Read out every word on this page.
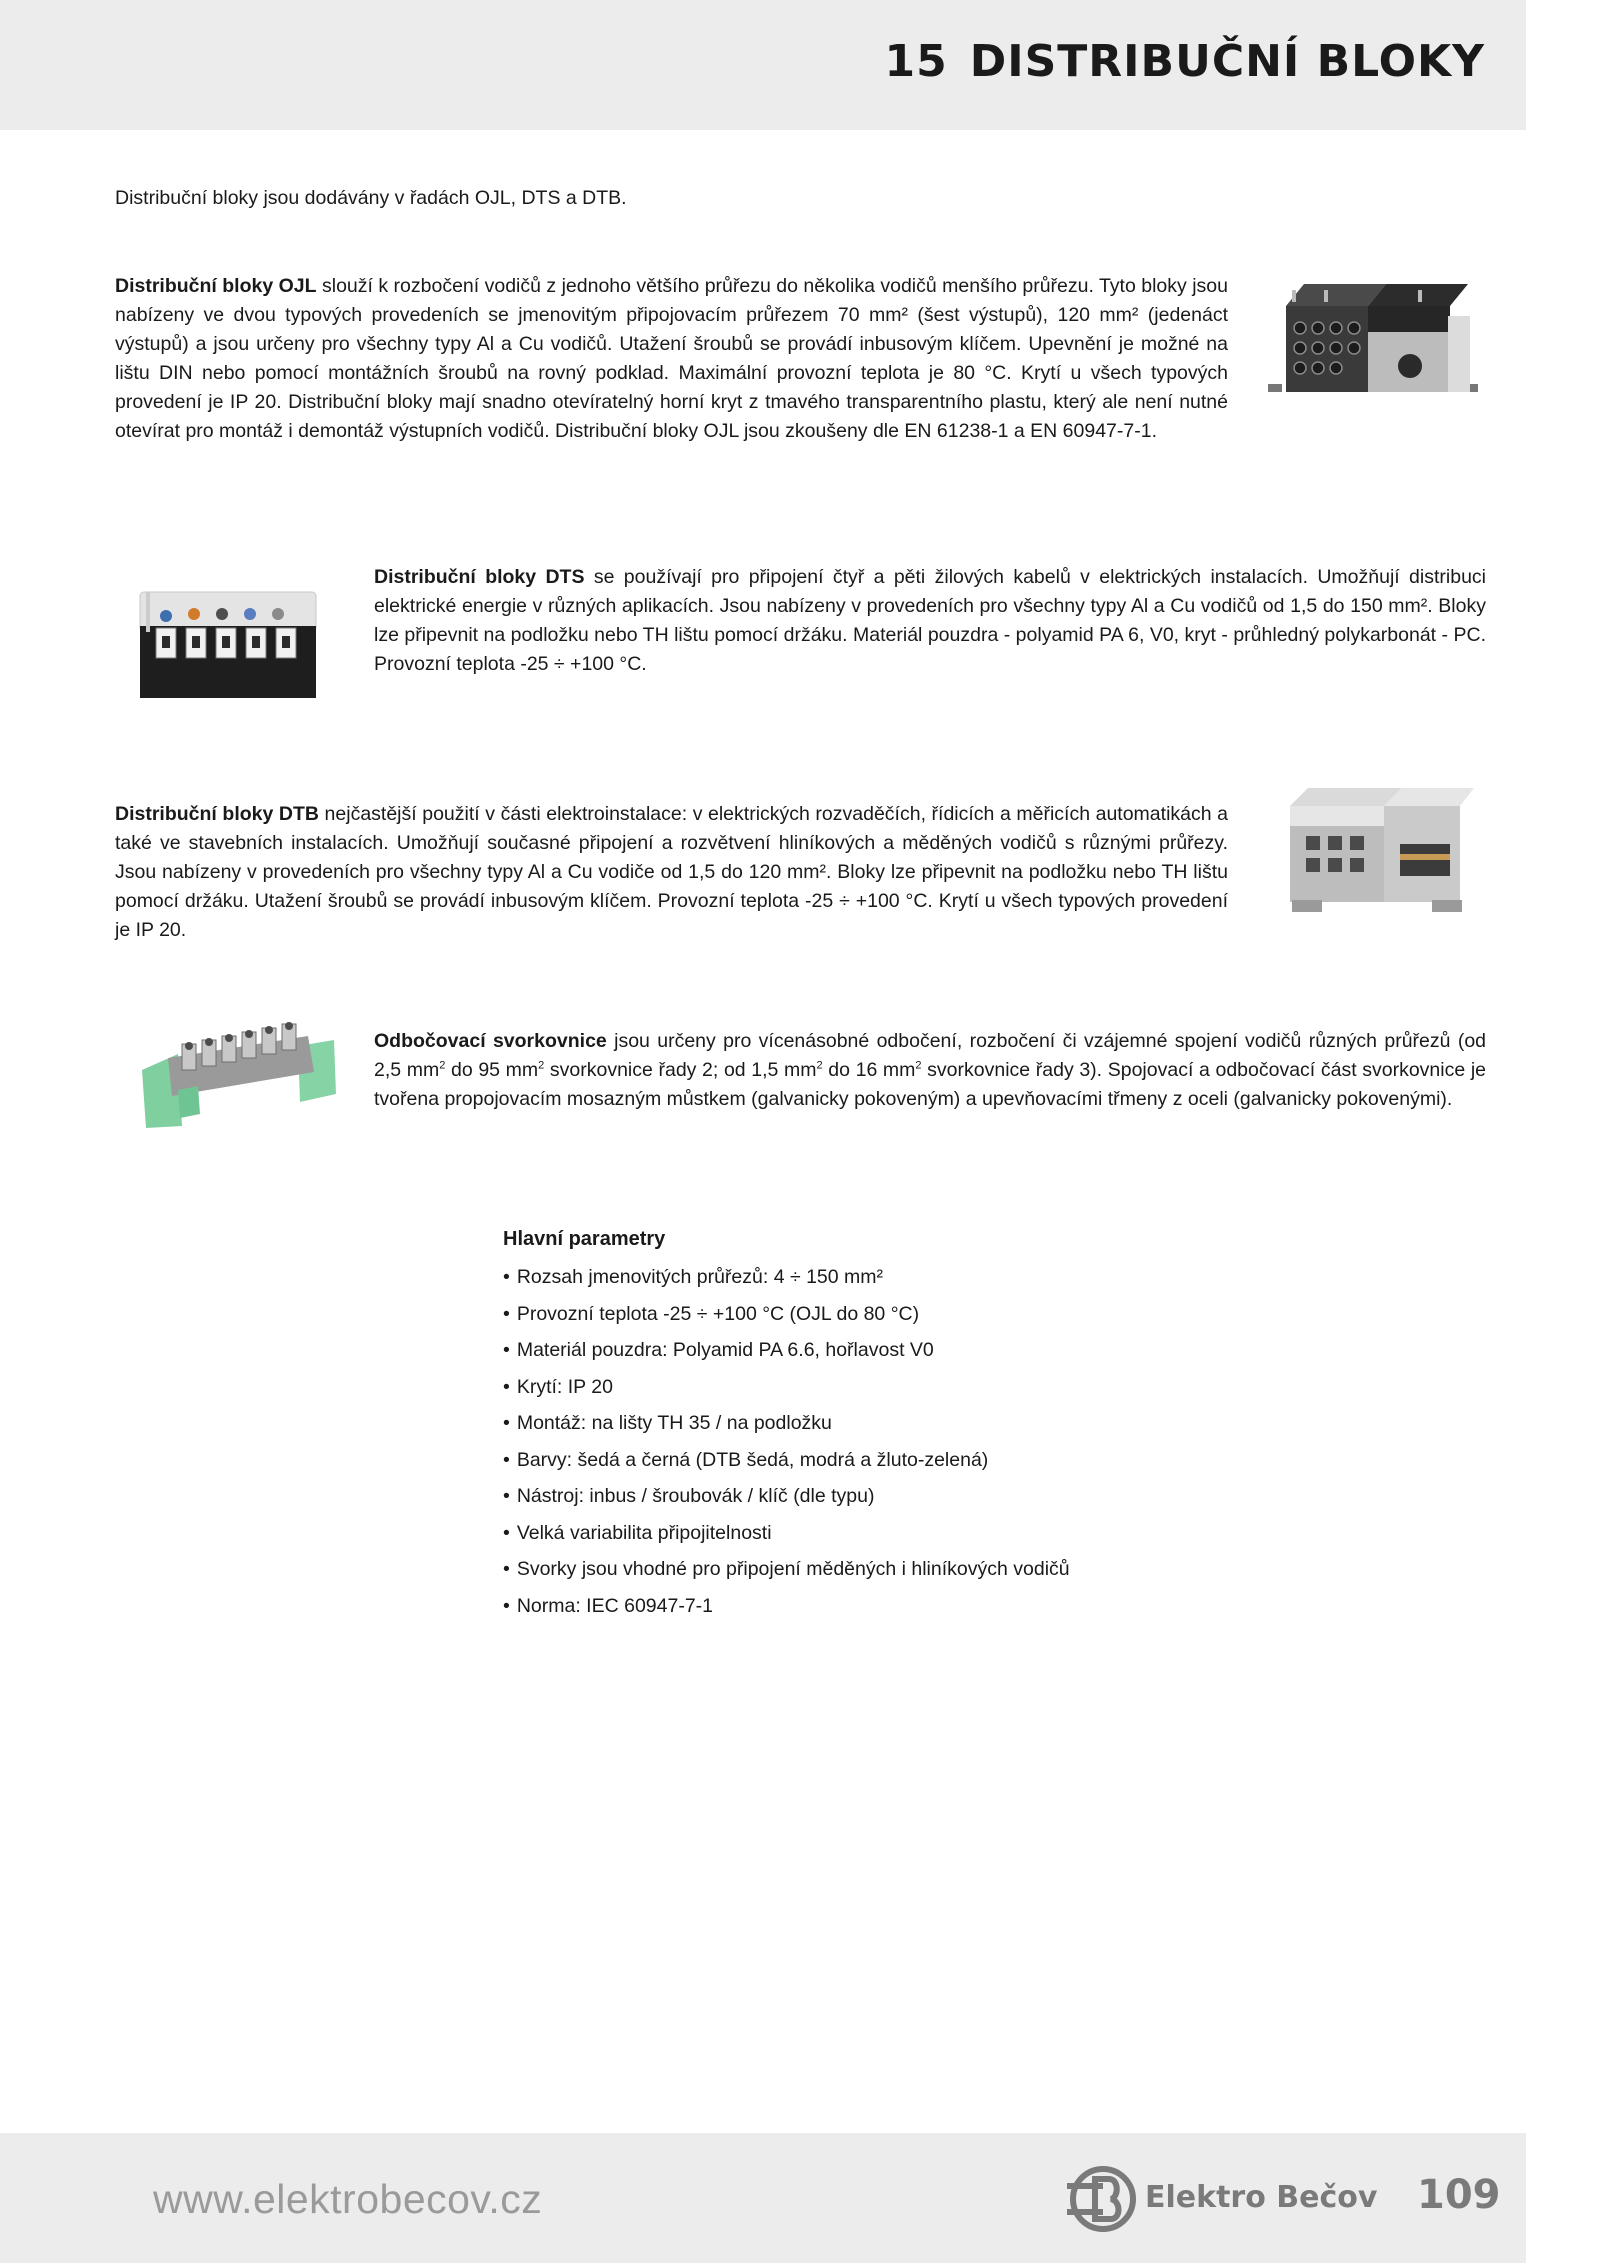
15 DISTRIBUČNÍ BLOKY

Distribuční bloky jsou dodávány v řadách OJL, DTS a DTB.

Distribuční bloky OJL slouží k rozbočení vodičů z jednoho většího průřezu do několika vodičů menšího průřezu. Tyto bloky jsou nabízeny ve dvou typových provedeních se jmenovitým připojovacím průřezem 70 mm² (šest výstupů), 120 mm² (jedenáct výstupů) a jsou určeny pro všechny typy Al a Cu vodičů. Utažení šroubů se provádí inbusovým klíčem. Upevnění je možné na lištu DIN nebo pomocí montážních šroubů na rovný podklad. Maximální provozní teplota je 80 °C. Krytí u všech typových provedení je IP 20. Distribuční bloky mají snadno otevíratelný horní kryt z tmavého transparentního plastu, který ale není nutné otevírat pro montáž i demontáž výstupních vodičů. Distribuční bloky OJL jsou zkoušeny dle EN 61238-1 a EN 60947-7-1.

Distribuční bloky DTS se používají pro připojení čtyř a pěti žilových kabelů v elektrických instalacích. Umožňují distribuci elektrické energie v různých aplikacích. Jsou nabízeny v provedeních pro všechny typy Al a Cu vodičů od 1,5 do 150 mm². Bloky lze připevnit na podložku nebo TH lištu pomocí držáku. Materiál pouzdra - polyamid PA 6, V0, kryt - průhledný polykarbonát - PC. Provozní teplota -25 ÷ +100 °C.

Distribuční bloky DTB nejčastější použití v části elektroinstalace: v elektrických rozvaděčích, řídicích a měřicích automatikách a také ve stavebních instalacích. Umožňují současné připojení a rozvětvení hliníkových a měděných vodičů s různými průřezy. Jsou nabízeny v provedeních pro všechny typy Al a Cu vodiče od 1,5 do 120 mm². Bloky lze připevnit na podložku nebo TH lištu pomocí držáku. Utažení šroubů se provádí inbusovým klíčem. Provozní teplota -25 ÷ +100 °C. Krytí u všech typových provedení je IP 20.

Odbočovací svorkovnice jsou určeny pro vícenásobné odbočení, rozbočení či vzájemné spojení vodičů různých průřezů (od 2,5 $mm^2$ do 95 $mm^2$ svorkovnice řady 2; od 1,5 $mm^2$ do 16 $mm^2$ svorkovnice řady 3). Spojovací a odbočovací část svorkovnice je tvořena propojovacím mosazným můstkem (galvanicky pokoveným) a upevňovacími třmeny z oceli (galvanicky pokovenými).

Hlavní parametry
• Rozsah jmenovitých průřezů: 4 ÷ 150 mm²
• Provozní teplota -25 ÷ +100 °C (OJL do 80 °C)
• Materiál pouzdra: Polyamid PA 6.6, hořlavost V0
• Krytí: IP 20
• Montáž: na lišty TH 35 / na podložku
• Barvy: šedá a černá (DTB šedá, modrá a žluto-zelená)
• Nástroj: inbus / šroubovák / klíč (dle typu)
• Velká variabilita připojitelnosti
• Svorky jsou vhodné pro připojení měděných i hliníkových vodičů
• Norma: IEC 60947-7-1

www.elektrobecov.cz	Elektro Bečov 109
